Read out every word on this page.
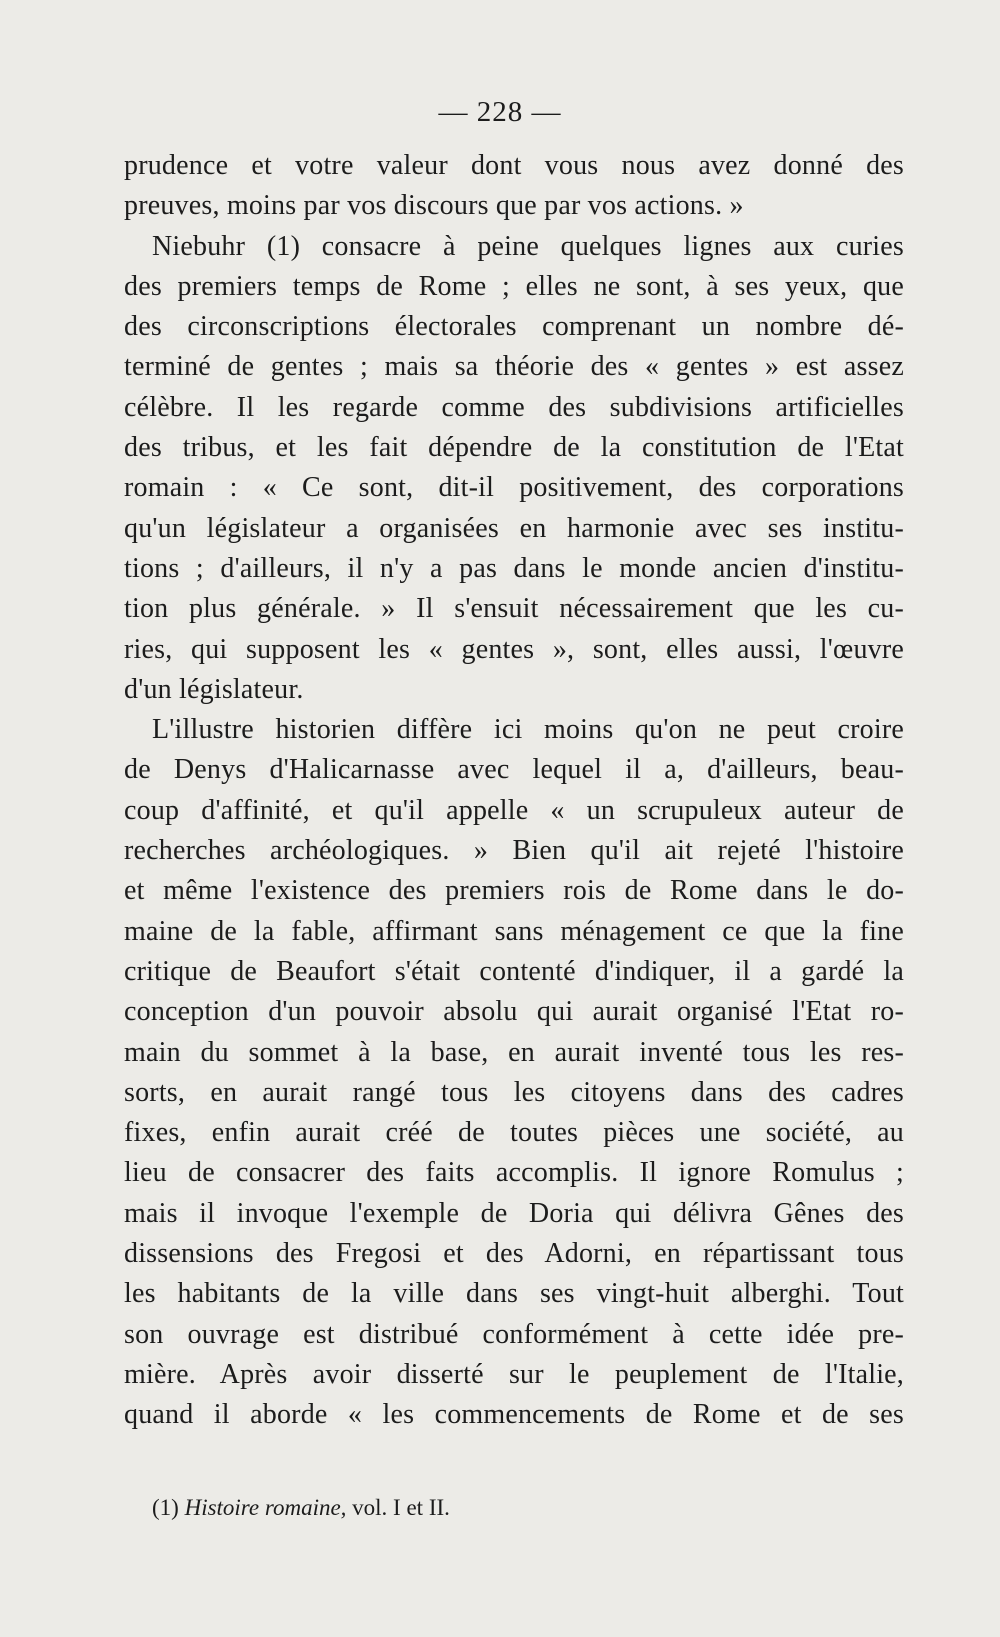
— 228 —
prudence et votre valeur dont vous nous avez donné des
preuves, moins par vos discours que par vos actions. »
Niebuhr (1) consacre à peine quelques lignes aux curies
des premiers temps de Rome ; elles ne sont, à ses yeux, que
des circonscriptions électorales comprenant un nombre dé-
terminé de gentes ; mais sa théorie des « gentes » est assez
célèbre. Il les regarde comme des subdivisions artificielles
des tribus, et les fait dépendre de la constitution de l'Etat
romain : « Ce sont, dit-il positivement, des corporations
qu'un législateur a organisées en harmonie avec ses institu-
tions ; d'ailleurs, il n'y a pas dans le monde ancien d'institu-
tion plus générale. » Il s'ensuit nécessairement que les cu-
ries, qui supposent les « gentes », sont, elles aussi, l'œuvre
d'un législateur.
L'illustre historien diffère ici moins qu'on ne peut croire
de Denys d'Halicarnasse avec lequel il a, d'ailleurs, beau-
coup d'affinité, et qu'il appelle « un scrupuleux auteur de
recherches archéologiques. » Bien qu'il ait rejeté l'histoire
et même l'existence des premiers rois de Rome dans le do-
maine de la fable, affirmant sans ménagement ce que la fine
critique de Beaufort s'était contenté d'indiquer, il a gardé la
conception d'un pouvoir absolu qui aurait organisé l'Etat ro-
main du sommet à la base, en aurait inventé tous les res-
sorts, en aurait rangé tous les citoyens dans des cadres
fixes, enfin aurait créé de toutes pièces une société, au
lieu de consacrer des faits accomplis. Il ignore Romulus ;
mais il invoque l'exemple de Doria qui délivra Gênes des
dissensions des Fregosi et des Adorni, en répartissant tous
les habitants de la ville dans ses vingt-huit alberghi. Tout
son ouvrage est distribué conformément à cette idée pre-
mière. Après avoir disserté sur le peuplement de l'Italie,
quand il aborde « les commencements de Rome et de ses
(1) Histoire romaine, vol. I et II.
